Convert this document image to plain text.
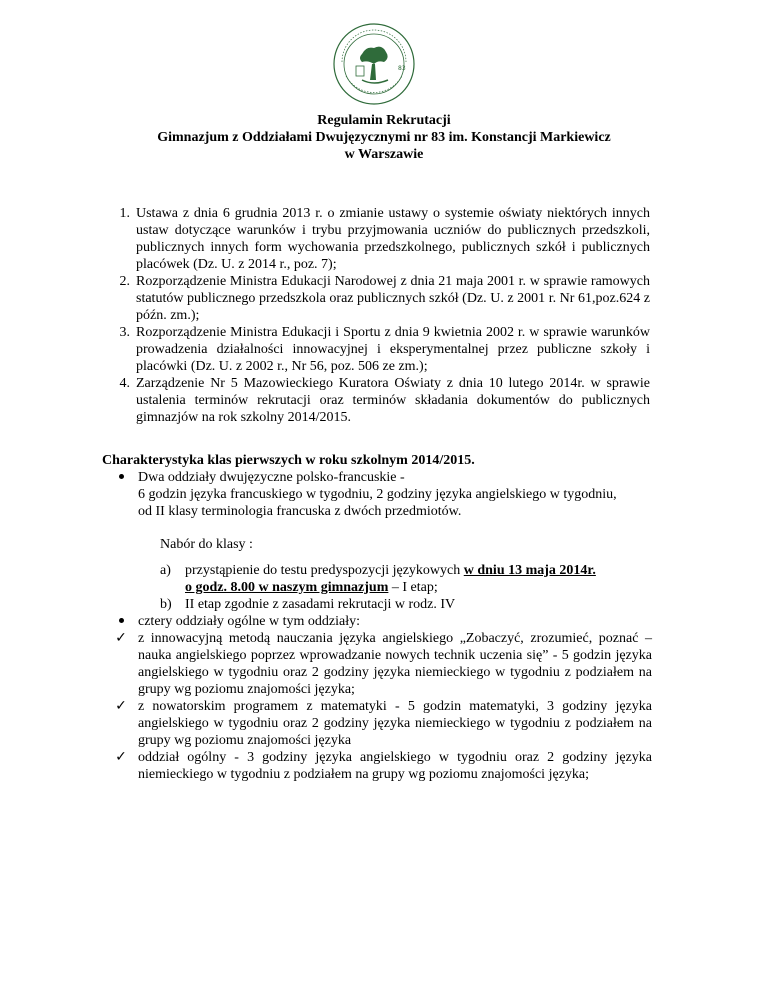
83
Regulamin Rekrutacji
Gimnazjum z Oddziałami Dwujęzycznymi nr 83 im. Konstancji Markiewicz
w Warszawie
1. Ustawa z dnia 6 grudnia 2013 r. o zmianie ustawy o systemie oświaty niektórych innych ustaw dotyczące warunków i trybu przyjmowania uczniów do publicznych przedszkoli, publicznych innych form wychowania przedszkolnego, publicznych szkół i publicznych placówek (Dz. U. z 2014 r., poz. 7);
2. Rozporządzenie Ministra Edukacji Narodowej z dnia 21 maja 2001 r. w sprawie ramowych statutów publicznego przedszkola oraz publicznych szkół (Dz. U. z 2001 r. Nr 61,poz.624 z późn. zm.);
3. Rozporządzenie Ministra Edukacji i Sportu z dnia 9 kwietnia 2002 r. w sprawie warunków prowadzenia działalności innowacyjnej i eksperymentalnej przez publiczne szkoły i placówki (Dz. U. z 2002 r., Nr 56, poz. 506 ze zm.);
4. Zarządzenie Nr 5 Mazowieckiego Kuratora Oświaty z dnia 10 lutego 2014r. w sprawie ustalenia terminów rekrutacji oraz terminów składania dokumentów do publicznych gimnazjów na rok szkolny 2014/2015.
Charakterystyka klas pierwszych w roku szkolnym 2014/2015.
Dwa oddziały dwujęzyczne polsko-francuskie -
6 godzin języka francuskiego w tygodniu, 2 godziny języka angielskiego w tygodniu,
od II klasy terminologia francuska z dwóch przedmiotów.
Nabór do klasy :
a) przystąpienie do testu predyspozycji językowych w dniu 13 maja 2014r.
o godz. 8.00 w naszym gimnazjum – I etap;
b) II etap zgodnie z zasadami rekrutacji w rodz. IV
cztery oddziały ogólne w tym oddziały:
✓ z innowacyjną metodą nauczania języka angielskiego „Zobaczyć, zrozumieć, poznać – nauka angielskiego poprzez wprowadzanie nowych technik uczenia się” - 5 godzin języka angielskiego w tygodniu oraz 2 godziny języka niemieckiego w tygodniu z podziałem na grupy wg poziomu znajomości języka;
✓ z nowatorskim programem z matematyki - 5 godzin matematyki, 3 godziny języka angielskiego w tygodniu oraz 2 godziny języka niemieckiego w tygodniu z podziałem na grupy wg poziomu znajomości języka
✓ oddział ogólny - 3 godziny języka angielskiego w tygodniu oraz 2 godziny języka niemieckiego w tygodniu z podziałem na grupy wg poziomu znajomości języka;
